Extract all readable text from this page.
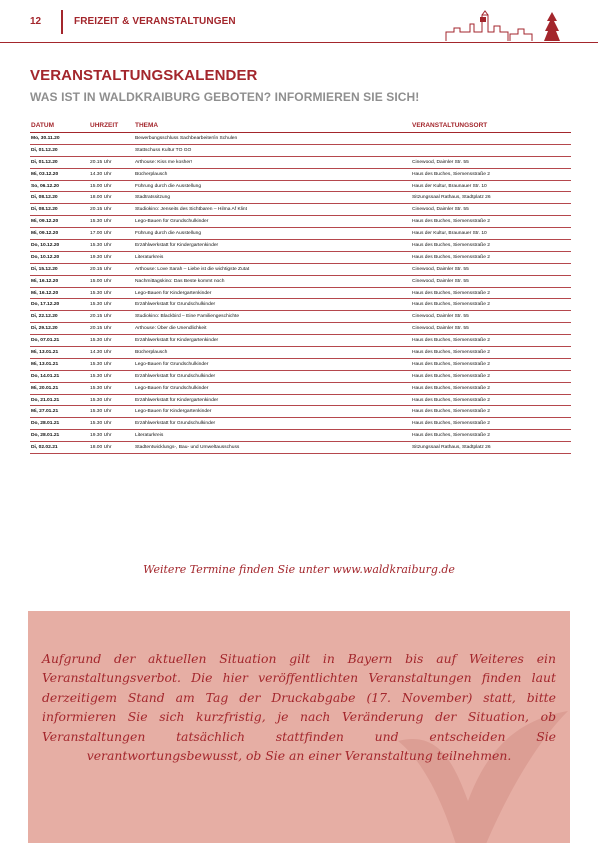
12	FREIZEIT & VERANSTALTUNGEN
VERANSTALTUNGSKALENDER
WAS IST IN WALDKRAIBURG GEBOTEN? INFORMIEREN SIE SICH!
DATUM	UHRZEIT	THEMA	VERANSTALTUNGSORT
Mo, 30.11.20		Bewerbungsschluss Sachbearbeiter/in Schulen	
Di, 01.12.20		Stattschuss Kultur TO GO	
Di, 01.12.20	20.15 Uhr	Arthouse: Kiss me kosher!	Cinewood, Daimler Str. 55
Mi, 03.12.20	14.30 Uhr	Bücherplausch	Haus des Buches, Siemensstraße 2
So, 06.12.20	15.00 Uhr	Führung durch die Ausstellung	Haus der Kultur, Braunauer Str. 10
Di, 08.12.20	18.00 Uhr	Stadtratssitzung	Sitzungssaal Rathaus, Stadtplatz 26
Di, 08.12.20	20.15 Uhr	Studiokino: Jenseits des Sichtbaren – Hilma Af Klint	Cinewood, Daimler Str. 55
Mi, 09.12.20	15.30 Uhr	Lego-Bauen für Grundschulkinder	Haus des Buches, Siemensstraße 2
Mi, 09.12.20	17.00 Uhr	Führung durch die Ausstellung	Haus der Kultur, Braunauer Str. 10
Do, 10.12.20	15.30 Uhr	Erzählwerkstatt für Kindergartenkinder	Haus des Buches, Siemensstraße 2
Do, 10.12.20	19.30 Uhr	Literaturkreis	Haus des Buches, Siemensstraße 2
Di, 15.12.20	20.15 Uhr	Arthouse: Love Sarah – Liebe ist die wichtigste Zutat	Cinewood, Daimler Str. 55
Mi, 16.12.20	15.00 Uhr	Nachmittagskino: Das Beste kommt noch	Cinewood, Daimler Str. 55
Mi, 16.12.20	15.30 Uhr	Lego-Bauen für Kindergartenkinder	Haus des Buches, Siemensstraße 2
Do, 17.12.20	15.30 Uhr	Erzählwerkstatt für Grundschulkinder	Haus des Buches, Siemensstraße 2
Di, 22.12.20	20.15 Uhr	Studiokino: Blackbird – Eine Familiengeschichte	Cinewood, Daimler Str. 55
Di, 29.12.20	20.15 Uhr	Arthouse: Über die Unendlichkeit	Cinewood, Daimler Str. 55
Do, 07.01.21	15.30 Uhr	Erzählwerkstatt für Kindergartenkinder	Haus des Buches, Siemensstraße 2
Mi, 13.01.21	14.30 Uhr	Bücherplausch	Haus des Buches, Siemensstraße 2
Mi, 13.01.21	15.30 Uhr	Lego-Bauen für Grundschulkinder	Haus des Buches, Siemensstraße 2
Do, 14.01.21	15.30 Uhr	Erzählwerkstatt für Grundschulkinder	Haus des Buches, Siemensstraße 2
Mi, 20.01.21	15.30 Uhr	Lego-Bauen für Grundschulkinder	Haus des Buches, Siemensstraße 2
Do, 21.01.21	15.30 Uhr	Erzählwerkstatt für Kindergartenkinder	Haus des Buches, Siemensstraße 2
Mi, 27.01.21	15.30 Uhr	Lego-Bauen für Kindergartenkinder	Haus des Buches, Siemensstraße 2
Do, 28.01.21	15.30 Uhr	Erzählwerkstatt für Grundschulkinder	Haus des Buches, Siemensstraße 2
Do, 28.01.21	19.30 Uhr	Literaturkreis	Haus des Buches, Siemensstraße 2
Di, 02.02.21	18.00 Uhr	Stadtentwicklungs-, Bau- und Umweltausschuss	Sitzungssaal Rathaus, Stadtplatz 26
Weitere Termine finden Sie unter www.waldkraiburg.de
Aufgrund der aktuellen Situation gilt in Bayern bis auf Weiteres ein Veranstaltungsverbot. Die hier veröffentlichten Veranstaltungen finden laut derzeitigem Stand am Tag der Druckabgabe (17. November) statt, bitte informieren Sie sich kurzfristig, je nach Veränderung der Situation, ob Veranstaltungen tatsächlich stattfinden und entscheiden Sie verantwortungsbewusst, ob Sie an einer Veranstaltung teilnehmen.
